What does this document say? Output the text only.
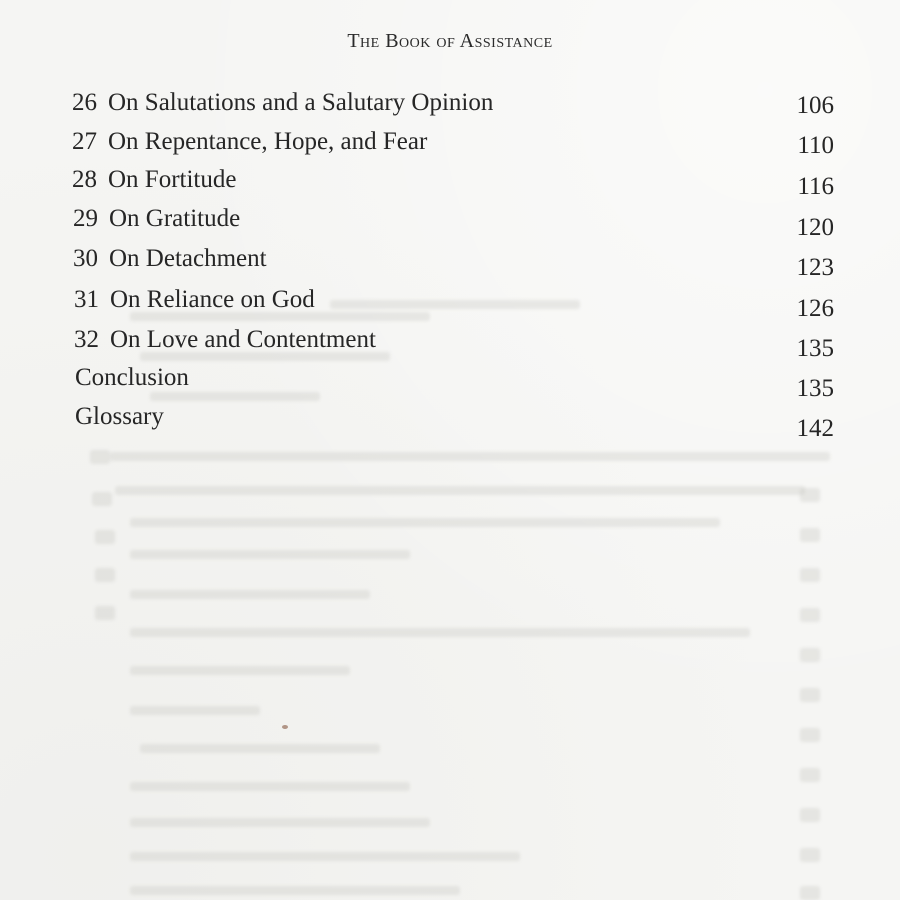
The Book of Assistance
26 On Salutations and a Salutary Opinion	106
27 On Repentance, Hope, and Fear	110
28 On Fortitude	116
29 On Gratitude	120
30 On Detachment	123
31 On Reliance on God	126
32 On Love and Contentment	135
Conclusion	135
Glossary	142
